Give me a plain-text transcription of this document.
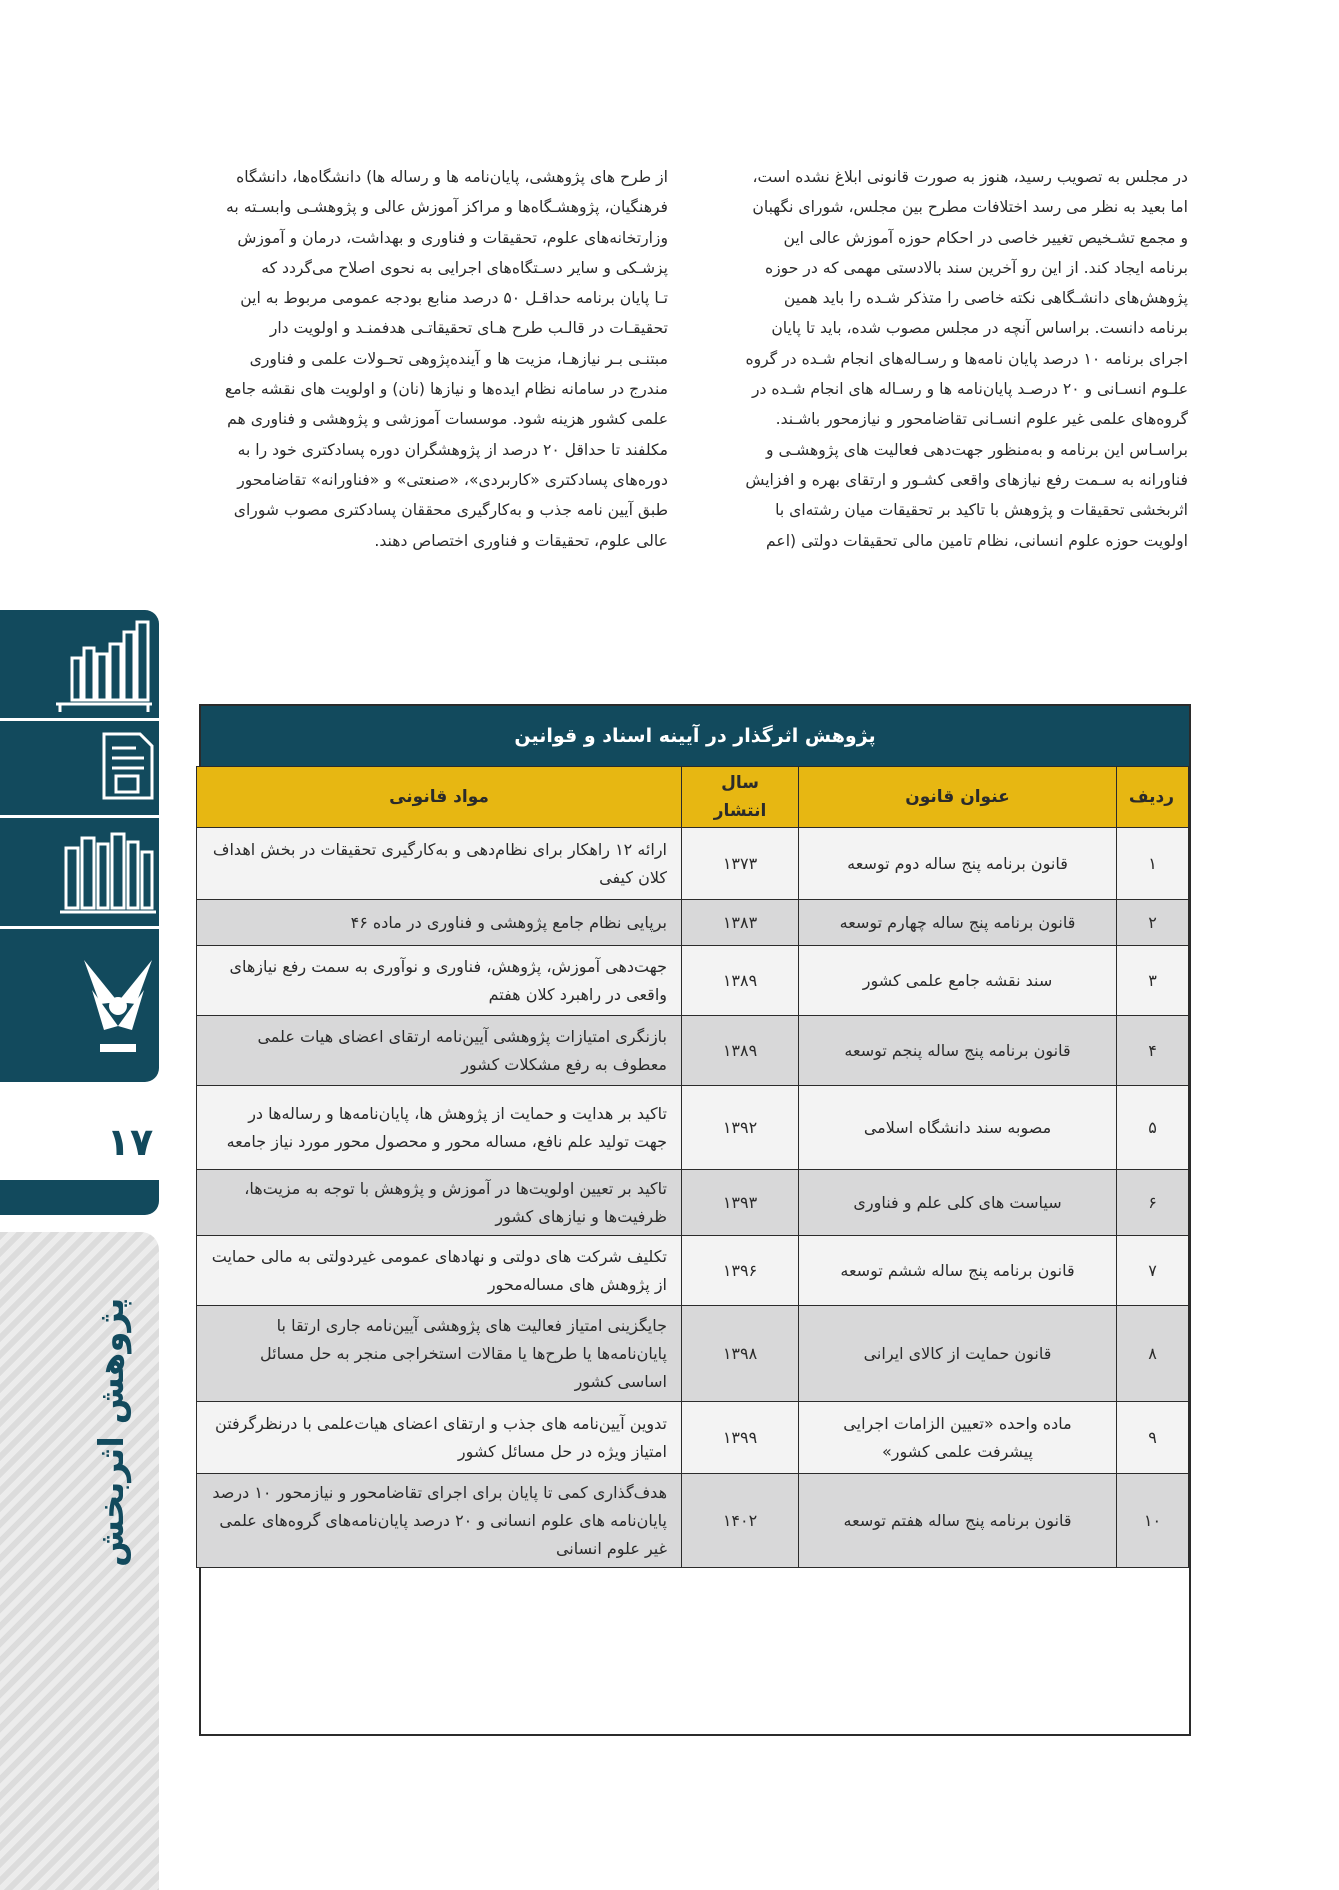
در مجلس به تصویب رسید، هنوز به صورت قانونی ابلاغ نشده است،
اما بعید به نظر می رسد اختلافات مطرح بین مجلس، شورای نگهبان
و مجمع تشـخیص تغییر خاصی در احکام حوزه آموزش عالی این
برنامه ایجاد کند. از این رو آخرین سند بالادستی مهمی که در حوزه
پژوهش‌های دانشـگاهی نکته خاصی را متذکر شـده را باید همین
برنامه دانست. براساس آنچه در مجلس مصوب شده، باید تا پایان
اجرای برنامه ۱۰ درصد پایان نامه‌ها و رسـاله‌های انجام شـده در گروه
علـوم انسـانی و ۲۰ درصـد پایان‌نامه ها و رسـاله های انجام شـده در
گروه‌های علمی غیر علوم انسـانی تقاضامحور و نیازمحور باشـند.
براسـاس این برنامه و به‌منظور جهت‌دهی فعالیت های پژوهشـی و
فناورانه به سـمت رفع نیازهای واقعی کشـور و ارتقای بهره و افزایش
اثربخشی تحقیقات و پژوهش با تاکید بر تحقیقات میان رشته‌ای با
اولویت حوزه علوم انسانی، نظام تامین مالی تحقیقات دولتی (اعم
از طرح های پژوهشی، پایان‌نامه ها و رساله ها) دانشگاه‌ها، دانشگاه
فرهنگیان، پژوهشـگاه‌ها و مراکز آموزش عالی و پژوهشـی وابسـته به
وزارتخانه‌های علوم، تحقیقات و فناوری و بهداشت، درمان و آموزش
پزشـکی و سایر دسـتگاه‌های اجرایی به نحوی اصلاح می‌گردد که
تـا پایان برنامه حداقـل ۵۰ درصد منابع بودجه عمومی مربوط به این
تحقیقـات در قالـب طرح هـای تحقیقاتـی هدفمنـد و اولویت دار
مبتنـی بـر نیازهـا، مزیت ها و آینده‌پژوهی تحـولات علمی و فناوری
مندرج در سامانه نظام ایده‌ها و نیازها (نان) و اولویت های نقشه جامع
علمی کشور هزینه شود. موسسات آموزشی و پژوهشی و فناوری هم
مکلفند تا حداقل ۲۰ درصد از پژوهشگران دوره پسادکتری خود را به
دوره‌های پسادکتری «کاربردی»، «صنعتی» و «فناورانه» تقاضامحور
طبق آیین نامه جذب و به‌کارگیری محققان پسادکتری مصوب شورای
عالی علوم، تحقیقات و فناوری اختصاص دهند.
پژوهش اثرگذار در آیینه اسناد و قوانین
ردیف	عنوان قانون	سال انتشار	مواد قانونی
۱	قانون برنامه پنج ساله دوم توسعه	۱۳۷۳	ارائه ۱۲ راهکار برای نظام‌دهی و به‌کارگیری تحقیقات در بخش اهداف کلان کیفی
۲	قانون برنامه پنج ساله چهارم توسعه	۱۳۸۳	برپایی نظام جامع پژوهشی و فناوری در ماده ۴۶
۳	سند نقشه جامع علمی کشور	۱۳۸۹	جهت‌دهی آموزش، پژوهش، فناوری و نوآوری به سمت رفع نیازهای واقعی در راهبرد کلان هفتم
۴	قانون برنامه پنج ساله پنجم توسعه	۱۳۸۹	بازنگری امتیازات پژوهشی آیین‌نامه ارتقای اعضای هیات علمی معطوف به رفع مشکلات کشور
۵	مصوبه سند دانشگاه اسلامی	۱۳۹۲	تاکید بر هدایت و حمایت از پژوهش ها، پایان‌نامه‌ها و رساله‌ها در جهت تولید علم نافع، مساله محور و محصول محور مورد نیاز جامعه
۶	سیاست های کلی علم و فناوری	۱۳۹۳	تاکید بر تعیین اولویت‌ها در آموزش و پژوهش با توجه به مزیت‌ها، ظرفیت‌ها و نیازهای کشور
۷	قانون برنامه پنج ساله ششم توسعه	۱۳۹۶	تکلیف شرکت های دولتی و نهادهای عمومی غیردولتی به مالی حمایت از پژوهش های مساله‌محور
۸	قانون حمایت از کالای ایرانی	۱۳۹۸	جایگزینی امتیاز فعالیت های پژوهشی آیین‌نامه جاری ارتقا با پایان‌نامه‌ها یا طرح‌ها یا مقالات استخراجی منجر به حل مسائل اساسی کشور
۹	ماده واحده «تعیین الزامات اجرایی پیشرفت علمی کشور»	۱۳۹۹	تدوین آیین‌نامه های جذب و ارتقای اعضای هیات‌علمی با درنظرگرفتن امتیاز ویژه در حل مسائل کشور
۱۰	قانون برنامه پنج ساله هفتم توسعه	۱۴۰۲	هدف‌گذاری کمی تا پایان برای اجرای تقاضامحور و نیازمحور ۱۰ درصد پایان‌نامه های علوم انسانی و ۲۰ درصد پایان‌نامه‌های گروه‌های علمی غیر علوم انسانی
۱۷
پژوهش اثربخش
